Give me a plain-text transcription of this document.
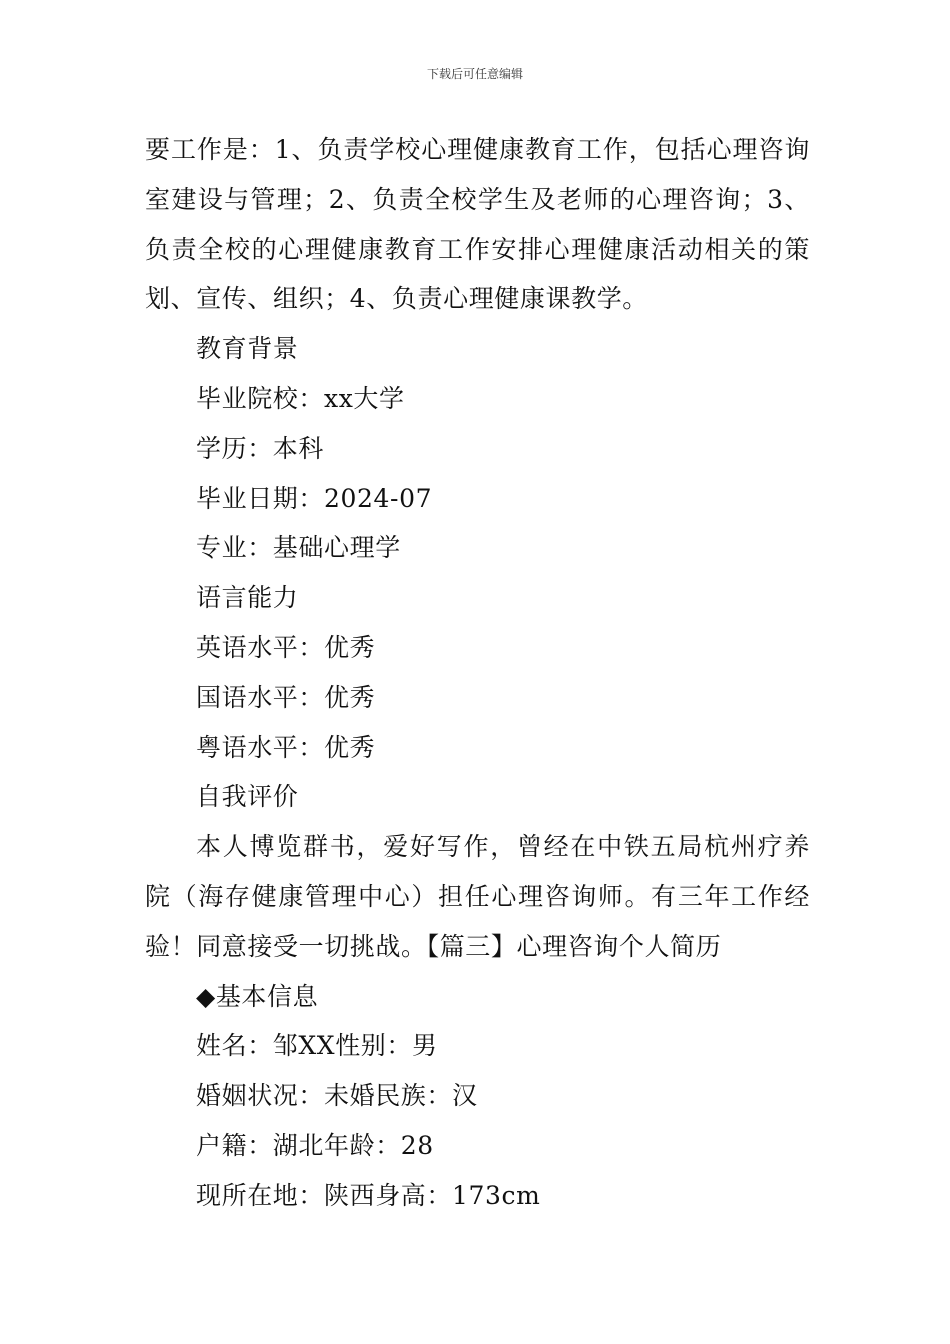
下载后可任意编辑

要工作是：1、负责学校心理健康教育工作，包括心理咨询室建设与管理；2、负责全校学生及老师的心理咨询；3、负责全校的心理健康教育工作安排心理健康活动相关的策划、宣传、组织；4、负责心理健康课教学。

教育背景

毕业院校：xx大学

学历：本科

毕业日期：2024-07

专业：基础心理学

语言能力

英语水平：优秀

国语水平：优秀

粤语水平：优秀

自我评价

本人博览群书，爱好写作，曾经在中铁五局杭州疗养院（海存健康管理中心）担任心理咨询师。有三年工作经验！同意接受一切挑战。【篇三】心理咨询个人简历

◆基本信息

姓名：邹XX性别：男

婚姻状况：未婚民族：汉

户籍：湖北年龄：28

现所在地：陕西身高：173cm
